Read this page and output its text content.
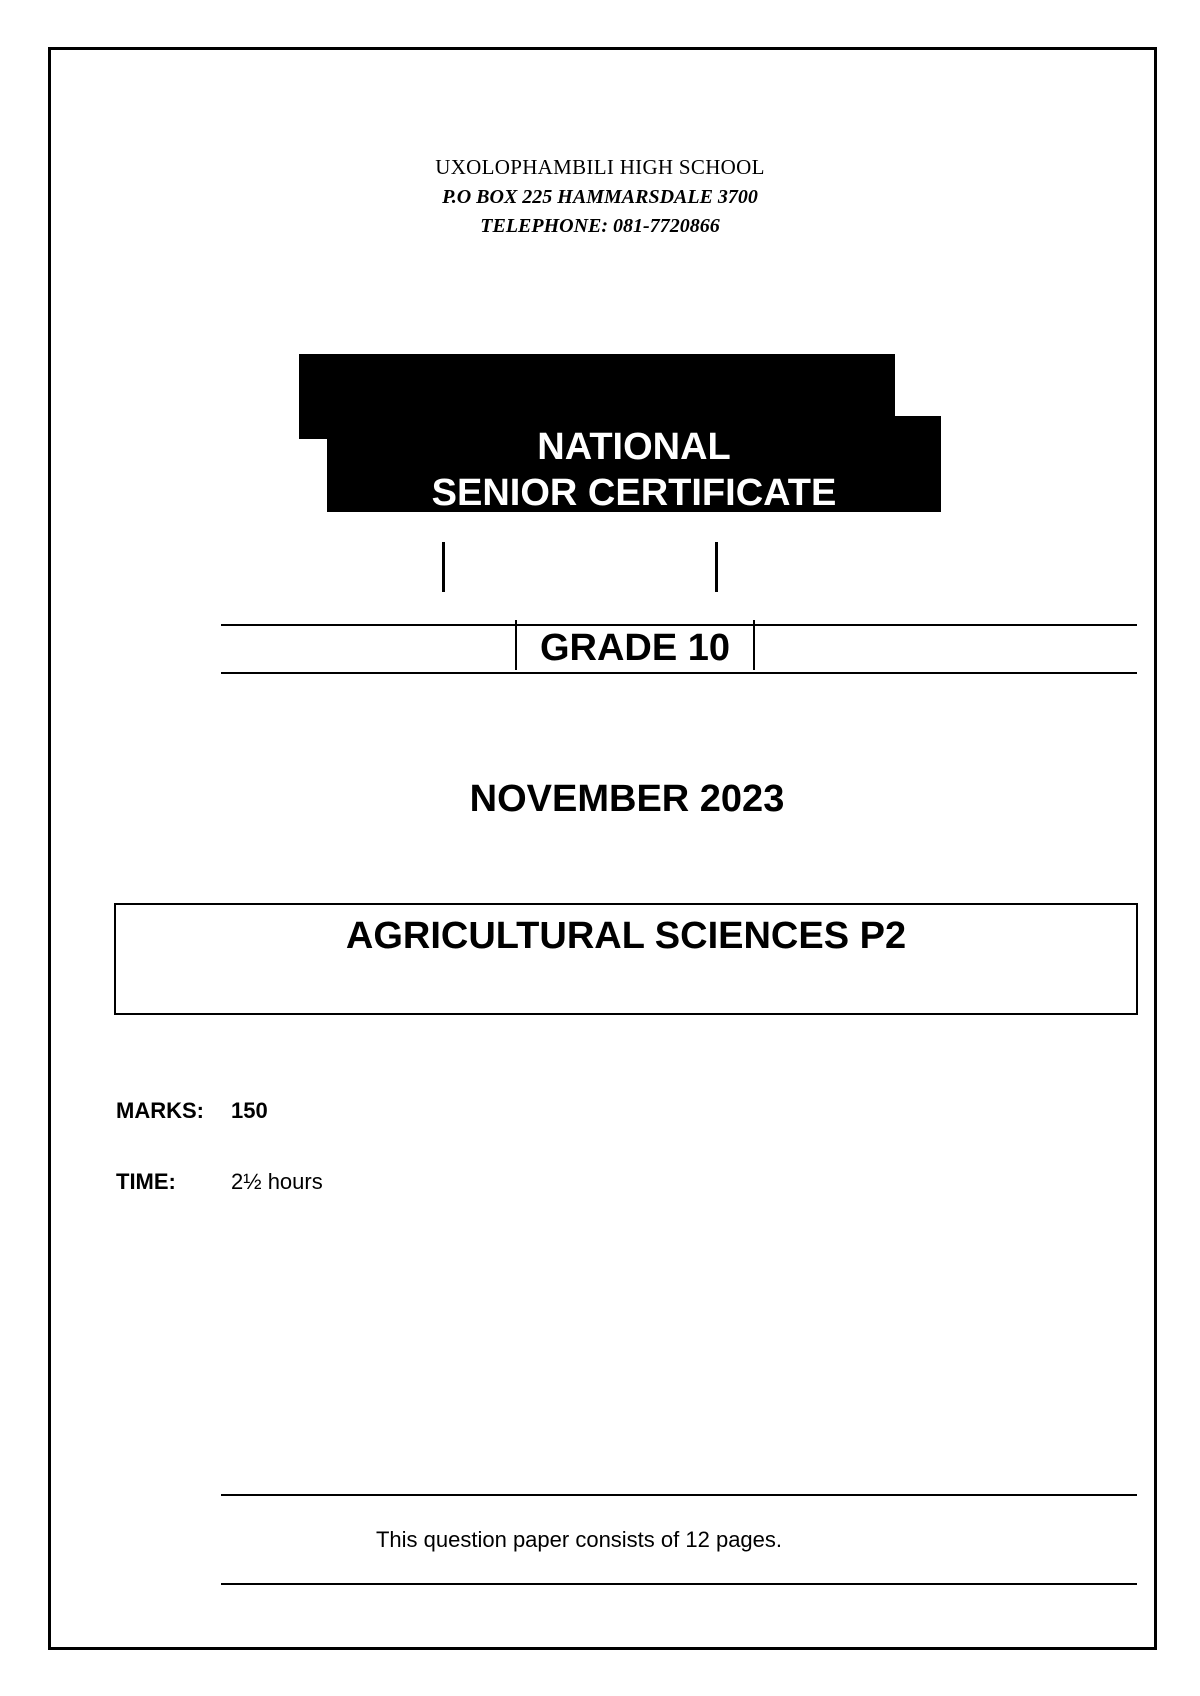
UXOLOPHAMBILI HIGH SCHOOL
P.O BOX 225 HAMMARSDALE 3700
TELEPHONE: 081-7720866
NATIONAL
SENIOR CERTIFICATE
GRADE 10
NOVEMBER 2023
AGRICULTURAL SCIENCES P2
MARKS: 150
TIME:	2½ hours
This question paper consists of 12 pages.
